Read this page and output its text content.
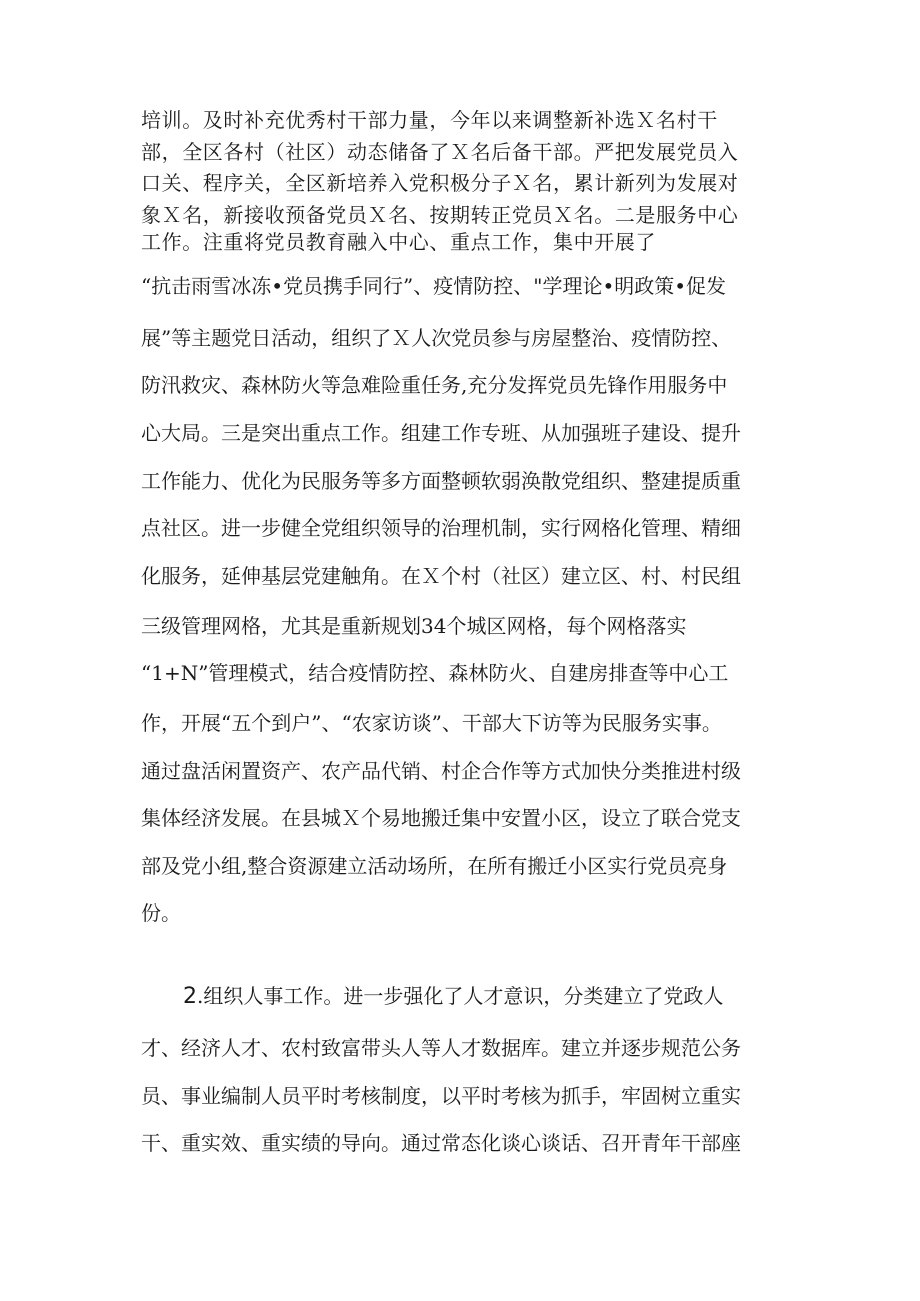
培训。及时补充优秀村干部力量，今年以来调整新补选Ｘ名村干
部，全区各村（社区）动态储备了Ｘ名后备干部。严把发展党员入
口关、程序关，全区新培养入党积极分子Ｘ名，累计新列为发展对
象Ｘ名，新接收预备党员Ｘ名、按期转正党员Ｘ名。二是服务中心
工作。注重将党员教育融入中心、重点工作，集中开展了
“抗击雨雪冰冻•党员携手同行”、疫情防控、"学理论•明政策•促发
展”等主题党日活动，组织了Ｘ人次党员参与房屋整治、疫情防控、
防汛救灾、森林防火等急难险重任务,充分发挥党员先锋作用服务中
心大局。三是突出重点工作。组建工作专班、从加强班子建设、提升
工作能力、优化为民服务等多方面整顿软弱涣散党组织、整建提质重
点社区。进一步健全党组织领导的治理机制，实行网格化管理、精细
化服务，延伸基层党建触角。在Ｘ个村（社区）建立区、村、村民组
三级管理网格，尤其是重新规划34个城区网格，每个网格落实
“1+N”管理模式，结合疫情防控、森林防火、自建房排查等中心工
作，开展“五个到户”、“农家访谈”、干部大下访等为民服务实事。
通过盘活闲置资产、农产品代销、村企合作等方式加快分类推进村级
集体经济发展。在县城Ｘ个易地搬迁集中安置小区，设立了联合党支
部及党小组,整合资源建立活动场所，在所有搬迁小区实行党员亮身
份。
2.组织人事工作。进一步强化了人才意识，分类建立了党政人
才、经济人才、农村致富带头人等人才数据库。建立并逐步规范公务
员、事业编制人员平时考核制度，以平时考核为抓手，牢固树立重实
干、重实效、重实绩的导向。通过常态化谈心谈话、召开青年干部座
